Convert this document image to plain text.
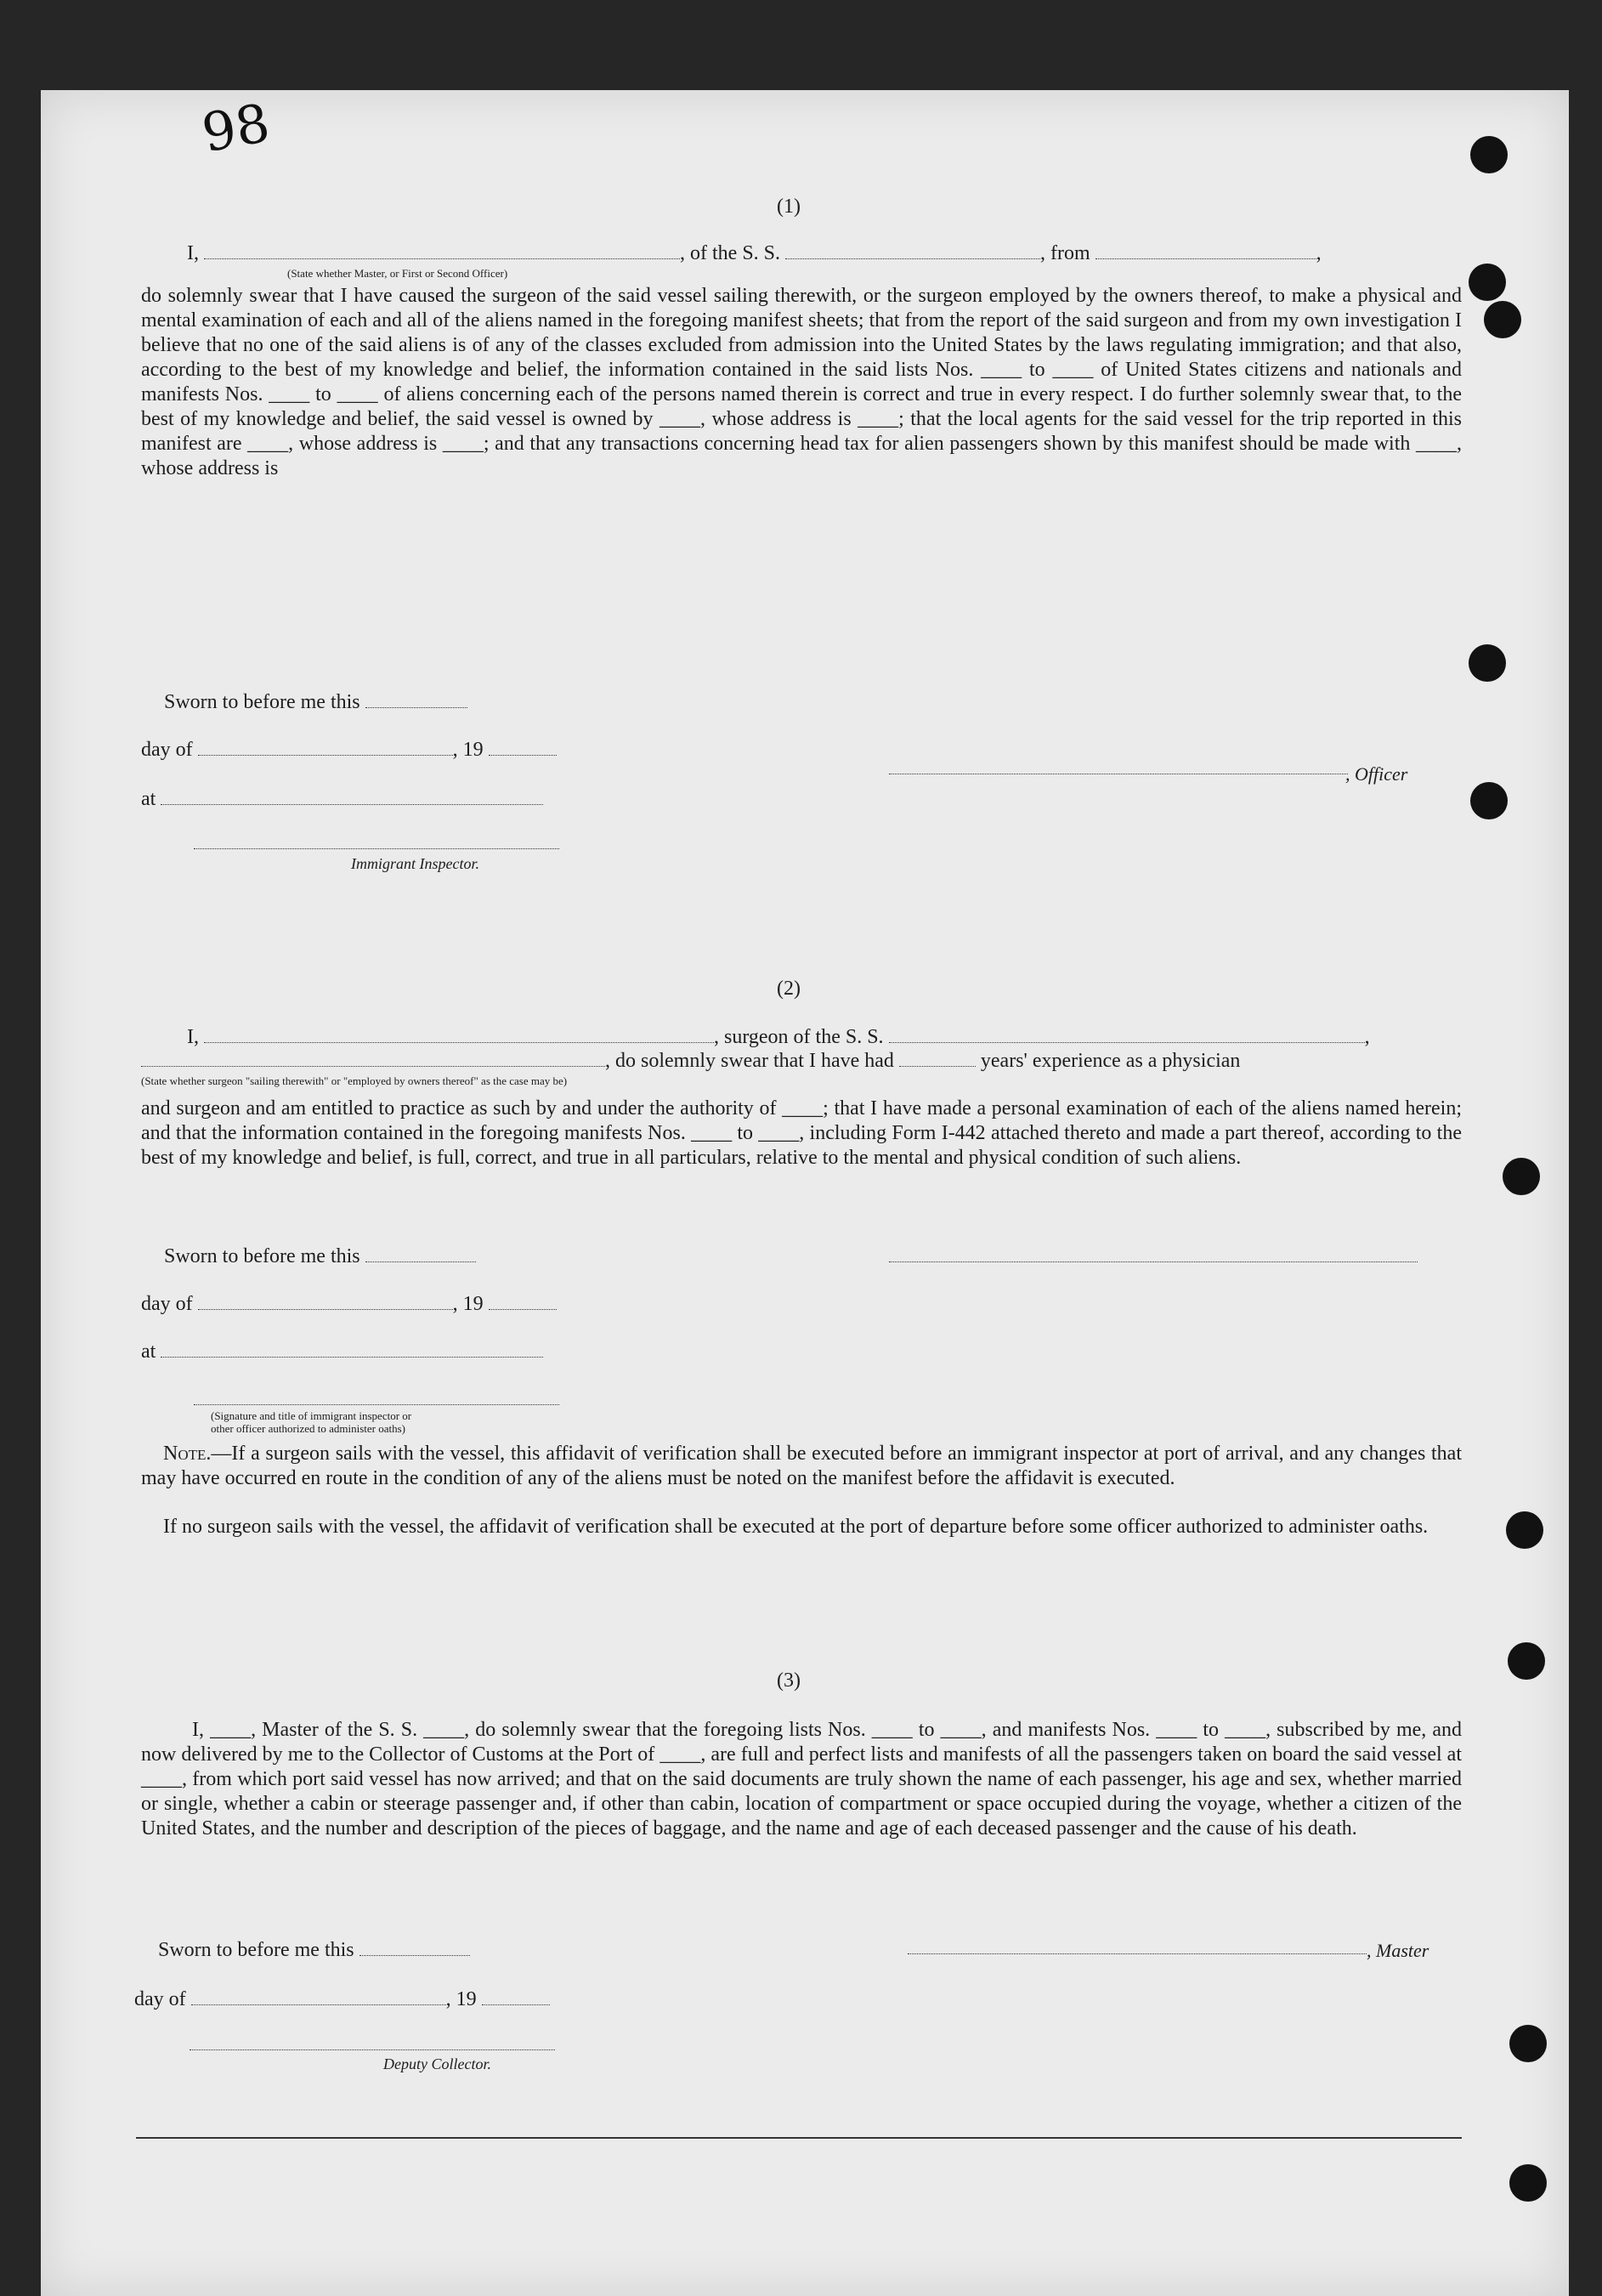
98
(1)
I,	, of the S. S.	, from	,
(State whether Master, or First or Second Officer)
do solemnly swear that I have caused the surgeon of the said vessel sailing therewith, or the surgeon employed by the owners thereof, to make a physical and mental examination of each and all of the aliens named in the foregoing manifest sheets; that from the report of the said surgeon and from my own investigation I believe that no one of the said aliens is of any of the classes excluded from admission into the United States by the laws regulating immigration; and that also, according to the best of my knowledge and belief, the information contained in the said lists Nos. ____ to ____ of United States citizens and nationals and manifests Nos. ____ to ____ of aliens concerning each of the persons named therein is correct and true in every respect. I do further solemnly swear that, to the best of my knowledge and belief, the said vessel is owned by ____, whose address is ____; that the local agents for the said vessel for the trip reported in this manifest are ____, whose address is ____; and that any transactions concerning head tax for alien passengers shown by this manifest should be made with ____, whose address is
Sworn to before me this
day of	, 19
at
Immigrant Inspector.
, Officer
(2)
I,	, surgeon of the S. S.	,
, do solemnly swear that I have had	years' experience as a physician
(State whether surgeon "sailing therewith" or "employed by owners thereof" as the case may be)
and surgeon and am entitled to practice as such by and under the authority of ____; that I have made a personal examination of each of the aliens named herein; and that the information contained in the foregoing manifests Nos. ____ to ____, including Form I-442 attached thereto and made a part thereof, according to the best of my knowledge and belief, is full, correct, and true in all particulars, relative to the mental and physical condition of such aliens.
Sworn to before me this
day of	, 19
at
(Signature and title of immigrant inspector or
other officer authorized to administer oaths)
Note.—If a surgeon sails with the vessel, this affidavit of verification shall be executed before an immigrant inspector at port of arrival, and any changes that may have occurred en route in the condition of any of the aliens must be noted on the manifest before the affidavit is executed.
If no surgeon sails with the vessel, the affidavit of verification shall be executed at the port of departure before some officer authorized to administer oaths.
(3)
I, ____, Master of the S. S. ____, do solemnly swear that the foregoing lists Nos. ____ to ____, and manifests Nos. ____ to ____, subscribed by me, and now delivered by me to the Collector of Customs at the Port of ____, are full and perfect lists and manifests of all the passengers taken on board the said vessel at ____, from which port said vessel has now arrived; and that on the said documents are truly shown the name of each passenger, his age and sex, whether married or single, whether a cabin or steerage passenger and, if other than cabin, location of compartment or space occupied during the voyage, whether a citizen of the United States, and the number and description of the pieces of baggage, and the name and age of each deceased passenger and the cause of his death.
Sworn to before me this	, Master
day of	, 19
Deputy Collector.
